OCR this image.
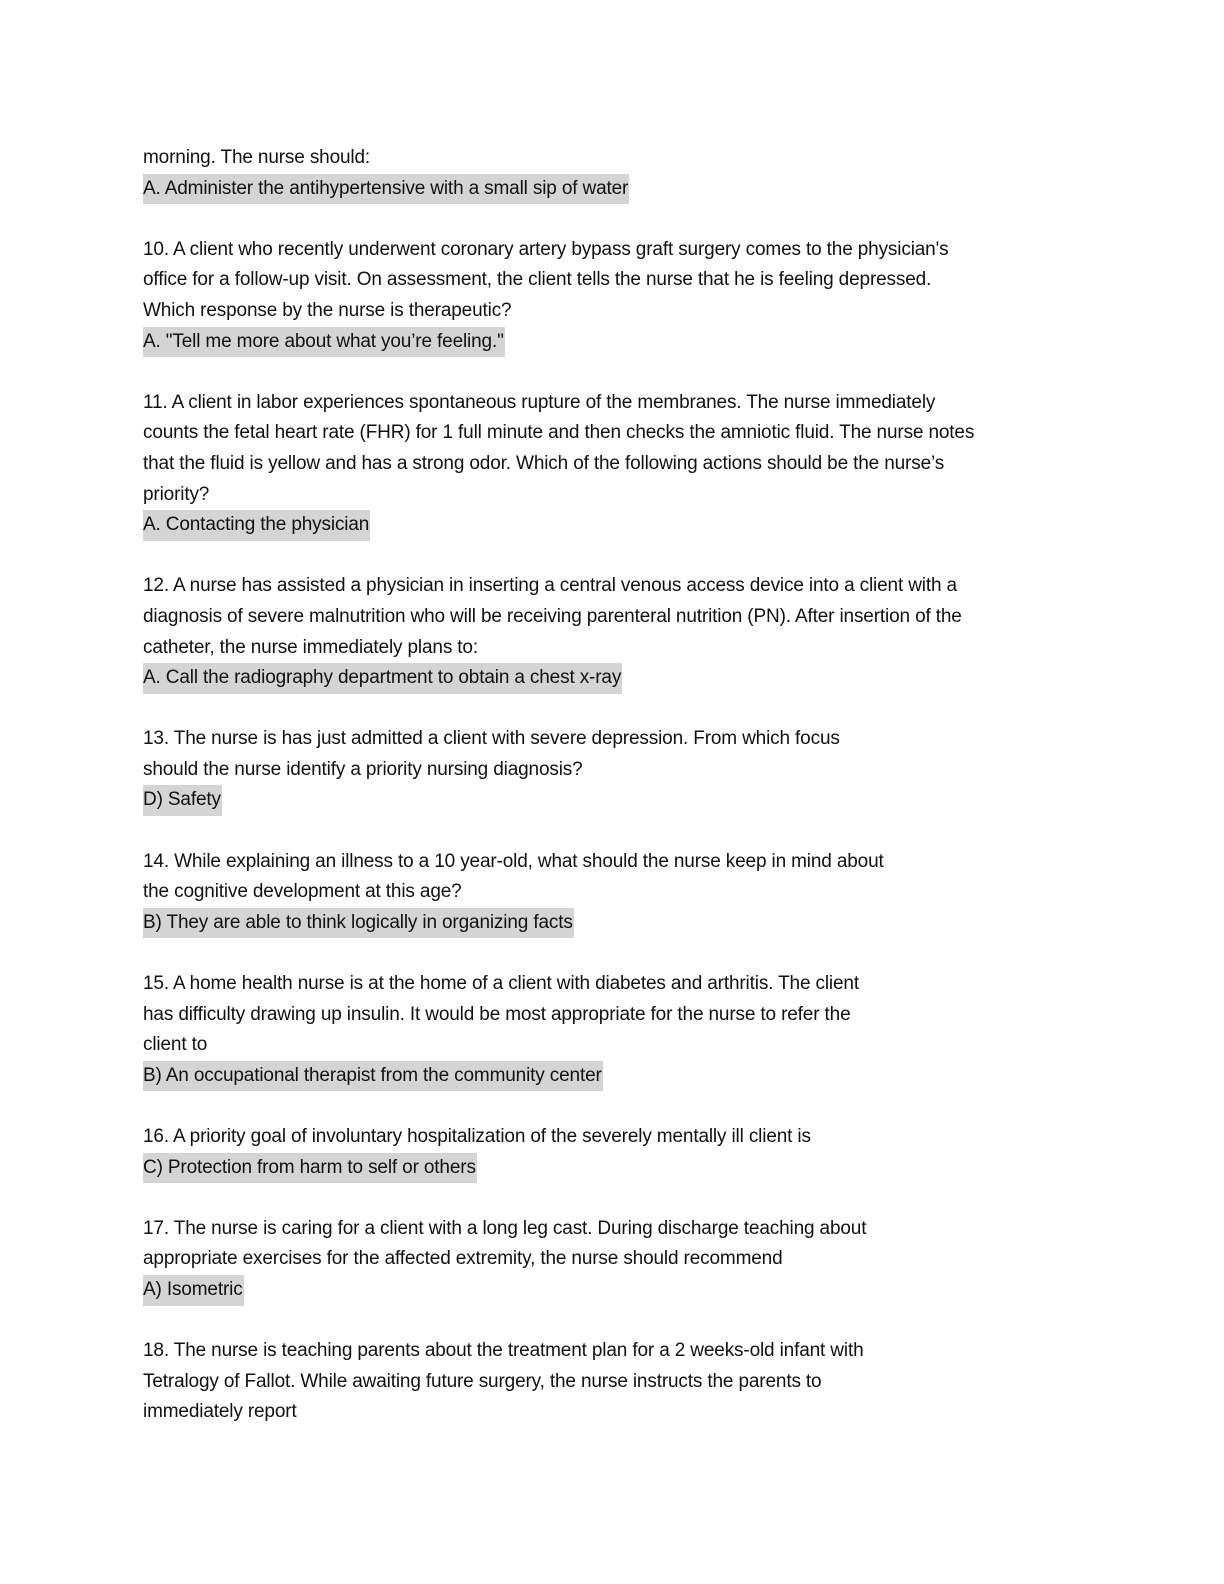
morning. The nurse should:
A. Administer the antihypertensive with a small sip of water
10. A client who recently underwent coronary artery bypass graft surgery comes to the physician's
office for a follow-up visit. On assessment, the client tells the nurse that he is feeling depressed.
Which response by the nurse is therapeutic?
A. "Tell me more about what you’re feeling."
11. A client in labor experiences spontaneous rupture of the membranes. The nurse immediately
counts the fetal heart rate (FHR) for 1 full minute and then checks the amniotic fluid. The nurse notes
that the fluid is yellow and has a strong odor. Which of the following actions should be the nurse’s
priority?
A. Contacting the physician
12. A nurse has assisted a physician in inserting a central venous access device into a client with a
diagnosis of severe malnutrition who will be receiving parenteral nutrition (PN). After insertion of the
catheter, the nurse immediately plans to:
A. Call the radiography department to obtain a chest x-ray
13. The nurse is has just admitted a client with severe depression. From which focus
should the nurse identify a priority nursing diagnosis?
D) Safety
14. While explaining an illness to a 10 year-old, what should the nurse keep in mind about
the cognitive development at this age?
B) They are able to think logically in organizing facts
15. A home health nurse is at the home of a client with diabetes and arthritis. The client
has difficulty drawing up insulin. It would be most appropriate for the nurse to refer the
client to
B) An occupational therapist from the community center
16. A priority goal of involuntary hospitalization of the severely mentally ill client is
C) Protection from harm to self or others
17. The nurse is caring for a client with a long leg cast. During discharge teaching about
appropriate exercises for the affected extremity, the nurse should recommend
A) Isometric
18. The nurse is teaching parents about the treatment plan for a 2 weeks-old infant with
Tetralogy of Fallot. While awaiting future surgery, the nurse instructs the parents to
immediately report
